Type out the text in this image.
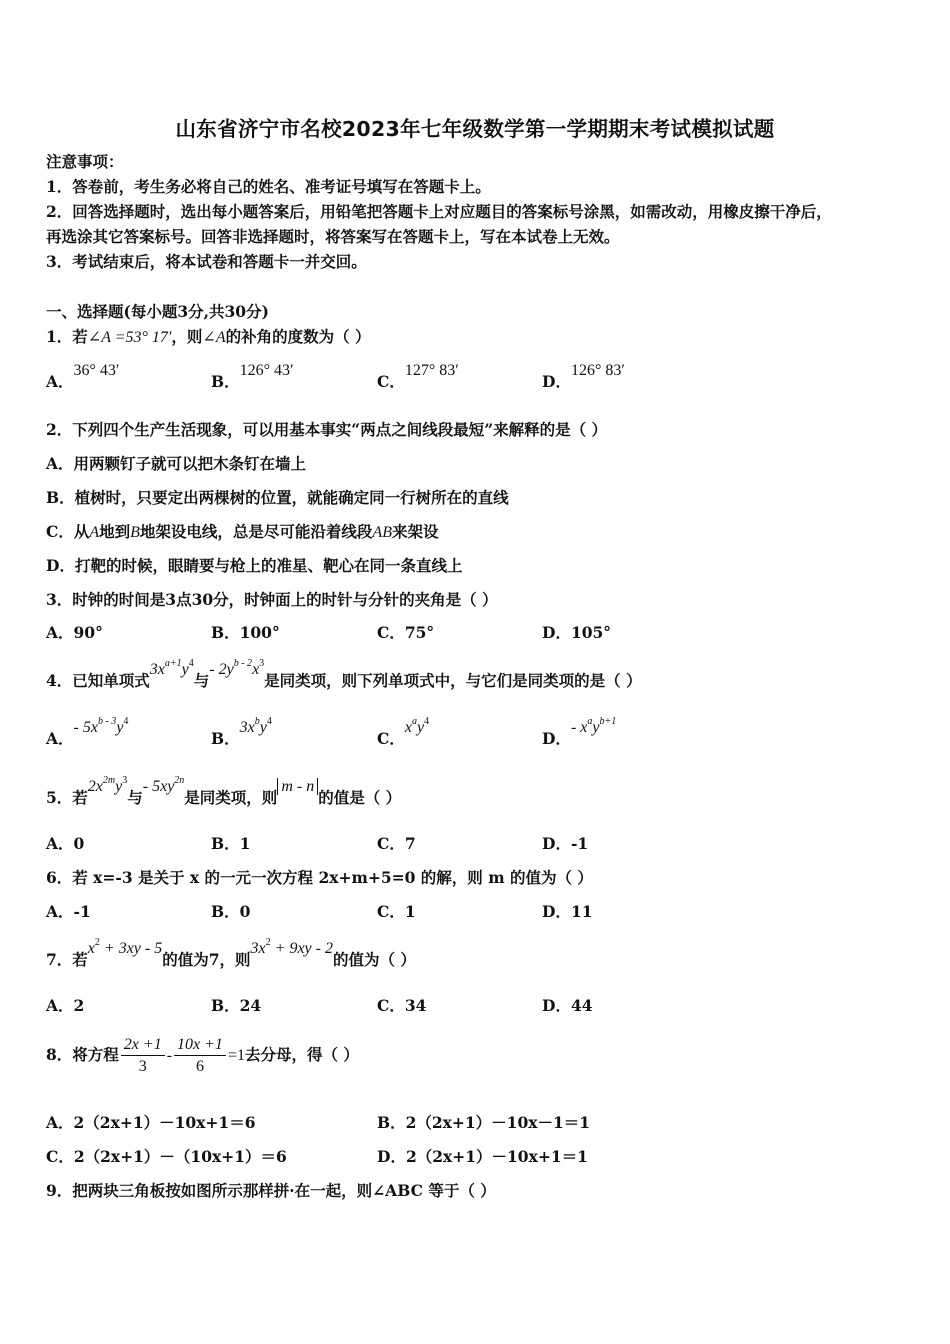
山东省济宁市名校2023年七年级数学第一学期期末考试模拟试题
注意事项：
1．答卷前，考生务必将自己的姓名、准考证号填写在答题卡上。
2．回答选择题时，选出每小题答案后，用铅笔把答题卡上对应题目的答案标号涂黑，如需改动，用橡皮擦干净后，
再选涂其它答案标号。回答非选择题时，将答案写在答题卡上，写在本试卷上无效。
3．考试结束后，将本试卷和答题卡一并交回。
一、选择题(每小题3分,共30分)
1．若∠A =53° 17′，则∠A的补角的度数为（ ）
A．36° 43′
B．126° 43′
C．127° 83′
D．126° 83′
2．下列四个生产生活现象，可以用基本事实“两点之间线段最短”来解释的是（ ）
A．用两颗钉子就可以把木条钉在墙上
B．植树时，只要定出两棵树的位置，就能确定同一行树所在的直线
C．从A地到B地架设电线，总是尽可能沿着线段AB来架设
D．打靶的时候，眼睛要与枪上的准星、靶心在同一条直线上
3．时钟的时间是3点30分，时钟面上的时针与分针的夹角是（ ）
A．90°	B．100°	C．75°	D．105°
4．已知单项式$3x^{a+1}y^4$与- $2y^{b - 2}x^3$是同类项，则下列单项式中，与它们是同类项的是（ ）
A．- $5x^{b - 3}y^4$
B．$3x^by^4$
C．$x^ay^4$
D．- $x^ay^{b+1}$
5．若$2x^{2m}y^3$与- $5xy^{2n}$是同类项，则m - n的值是（ ）
A．0	B．1	C．7	D．-1
6．若 x=-3 是关于 x 的一元一次方程 2x+m+5=0 的解，则 m 的值为（ ）
A．-1	B．0	C．1	D．11
7．若$x^2 + 3xy - 5$的值为7，则$3x^2 + 9xy - 2$的值为（ ）
A．2	B．24	C．34	D．44
8．将方程 $\frac{2x +1}{3} - \frac{10x +1}{6} =1$去分母，得（ ）
A．2（2x+1）－10x+1＝6	B．2（2x+1）－10x－1＝1
C．2（2x+1）－（10x+1）＝6	D．2（2x+1）－10x+1＝1
9．把两块三角板按如图所示那样拼·在一起，则∠ABC 等于（ ）
